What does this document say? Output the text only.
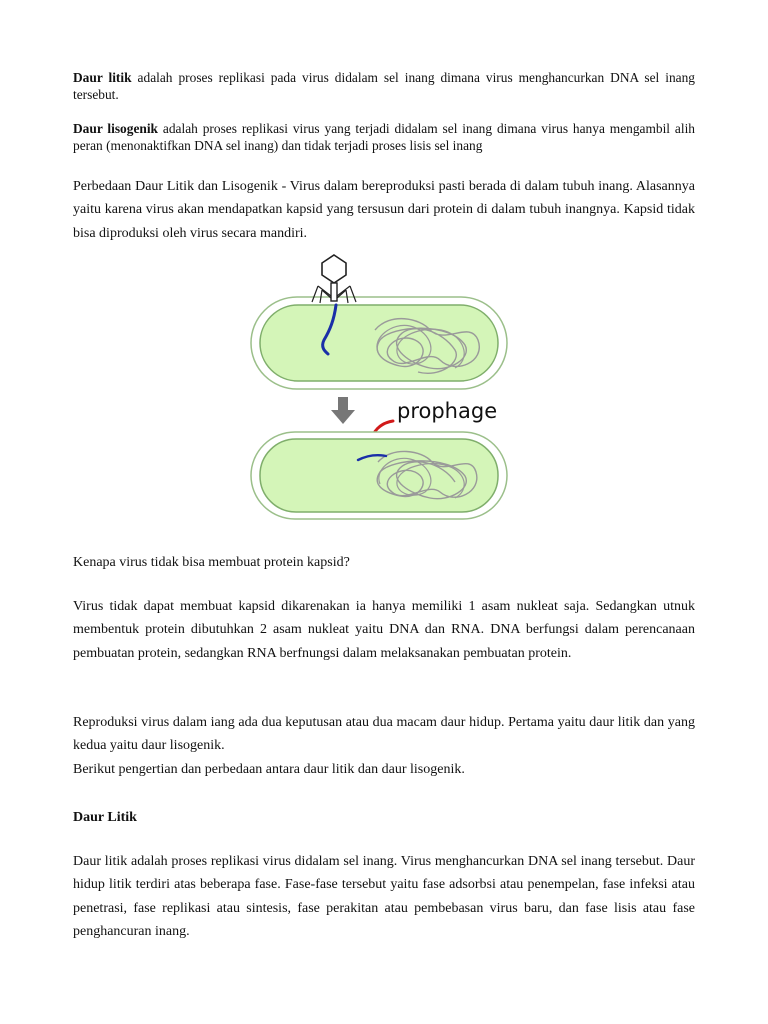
Daur litik adalah proses replikasi pada virus didalam sel inang dimana virus menghancurkan DNA sel inang tersebut.

Daur lisogenik adalah proses replikasi virus yang terjadi didalam sel inang dimana virus hanya mengambil alih peran (menonaktifkan DNA sel inang) dan tidak terjadi proses lisis sel inang

Perbedaan Daur Litik dan Lisogenik - Virus dalam bereproduksi pasti berada di dalam tubuh inang. Alasannya yaitu karena virus akan mendapatkan kapsid yang tersusun dari protein di dalam tubuh inangnya. Kapsid tidak bisa diproduksi oleh virus secara mandiri.

prophage

Kenapa virus tidak bisa membuat protein kapsid?

Virus tidak dapat membuat kapsid dikarenakan ia hanya memiliki 1 asam nukleat saja. Sedangkan utnuk membentuk protein dibutuhkan 2 asam nukleat yaitu DNA dan RNA. DNA berfungsi dalam perencanaan pembuatan protein, sedangkan RNA berfnungsi dalam melaksanakan pembuatan protein.

Reproduksi virus dalam iang ada dua keputusan atau dua macam daur hidup. Pertama yaitu daur litik dan yang kedua yaitu daur lisogenik.
Berikut pengertian dan perbedaan antara daur litik dan daur lisogenik.

Daur Litik

Daur litik adalah proses replikasi virus didalam sel inang. Virus menghancurkan DNA sel inang tersebut. Daur hidup litik terdiri atas beberapa fase. Fase-fase tersebut yaitu fase adsorbsi atau penempelan, fase infeksi atau penetrasi, fase replikasi atau sintesis, fase perakitan atau pembebasan virus baru, dan fase lisis atau fase penghancuran inang.
